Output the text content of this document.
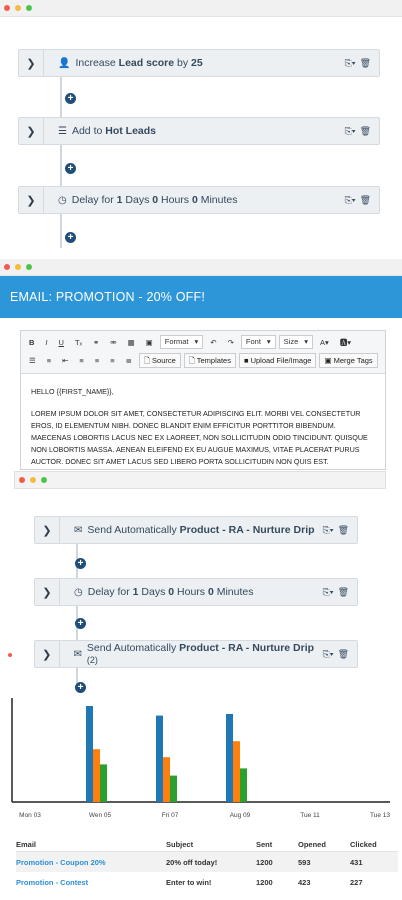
❯	👤 Increase Lead score by 25	⎘▾ 🗑
+
❯	☰ Add to Hot Leads	⎘▾ 🗑
+
❯	◷ Delay for 1 Days 0 Hours 0 Minutes	⎘▾ 🗑
+
EMAIL: PROMOTION - 20% OFF!
B	I	U	Tₓ	⚭	⚮	▦	▣	Format ▾	↶	↷	Font ▾ Size ▾	A▾	🅰▾
☰	≡	⇤	≡	≡	≡	≣	🗋 Source	🗋 Templates	■ Upload File/Image	▣ Merge Tags
HELLO {{FIRST_NAME}},
LOREM IPSUM DOLOR SIT AMET, CONSECTETUR ADIPISCING ELIT. MORBI VEL CONSECTETUR EROS, ID ELEMENTUM NIBH. DONEC BLANDIT ENIM EFFICITUR PORTTITOR BIBENDUM. MAECENAS LOBORTIS LACUS NEC EX LAOREET, NON SOLLICITUDIN ODIO TINCIDUNT. QUISQUE NON LOBORTIS MASSA. AENEAN ELEIFEND EX EU AUGUE MAXIMUS, VITAE PLACERAT PURUS AUCTOR. DONEC SIT AMET LACUS SED LIBERO PORTA SOLLICITUDIN NON QUIS EST.
❯	✉ Send Automatically Product - RA - Nurture Drip ⎘▾ 🗑
+
❯	◷ Delay for 1 Days 0 Hours 0 Minutes	⎘▾ 🗑
+
❯	✉ Send Automatically Product - RA - Nurture Drip (2)
⎘▾ 🗑
+
Mon 03	Wen 05	Fri 07	Aug 09	Tue 11	Tue 13
Email	Subject	Sent	Opened	Clicked
Promotion - Coupon 20%	20% off today!	1200	593	431
Promotion - Contest	Enter to win!	1200	423	227
